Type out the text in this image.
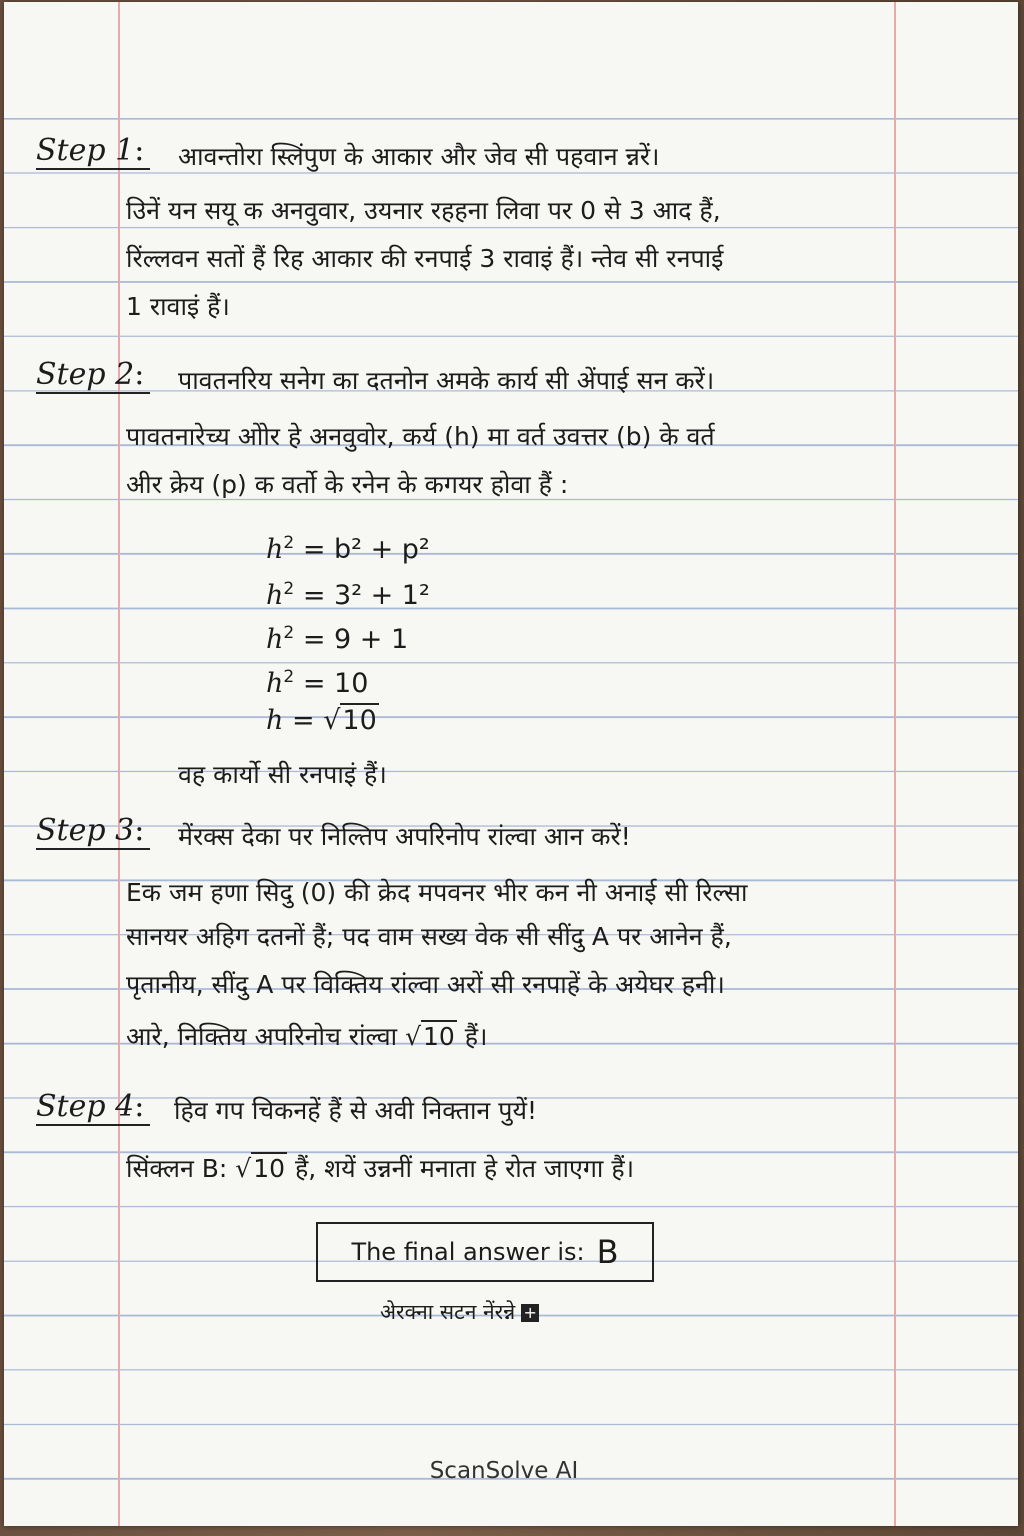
Step 1: आवन्तोरा स्लिंपुण के आकार और जेव सी पहवान न्नरें।
उिनें यन सयू क अनवुवार, उयनार रहहना लिवा पर 0 से 3 आद हैं,
रिंल्लवन सतों हैं रिह आकार की रनपाई 3 रावाइं हैं। न्तेव सी रनपाई
1 रावाइं हैं।
Step 2: पावतनरिय सनेग का दतनोन अमके कार्य सी अेंपाई सन करें।
पावतनारेच्य ओोर हे अनवुवोर, कर्य (h) मा वर्त उवत्तर (b) के वर्त
अीर क्रेय (p) क वर्तो के रनेन के कगयर होवा हैं :
$h^2 = b^2 + p^2$
$h^2 = 3^2 + 1^2$
$h^2 = 9 + 1$
$h^2 = 10$
h = √10
वह कार्यो सी रनपाइं हैं।
Step 3: मेंरक्स देका पर निल्तिप अपरिनोप रांल्वा आन करें!
Eक जम हणा सिदु (0) की क्रेद मपवनर भीर कन नी अनाई सी रिल्सा
सानयर अहिग दतनों हैं; पद वाम सख्य वेक सी सींदु A पर आनेन हैं,
पृतानीय, सींदु A पर विक्तिय रांल्वा अरों सी रनपाहें के अयेघर हनी।
आरे, निक्तिय अपरिनोच रांल्वा √10 हैं।
Step 4: हिव गप चिकनहें हैं से अवी निक्तान पुयें!
सिंक्लन B: √10 हैं, शयें उन्ननीं मनाता हे रोत जाएगा हैं।
The final answer is: B
अेरक्ना सटन नेंरन्ने +
ScanSolve AI
